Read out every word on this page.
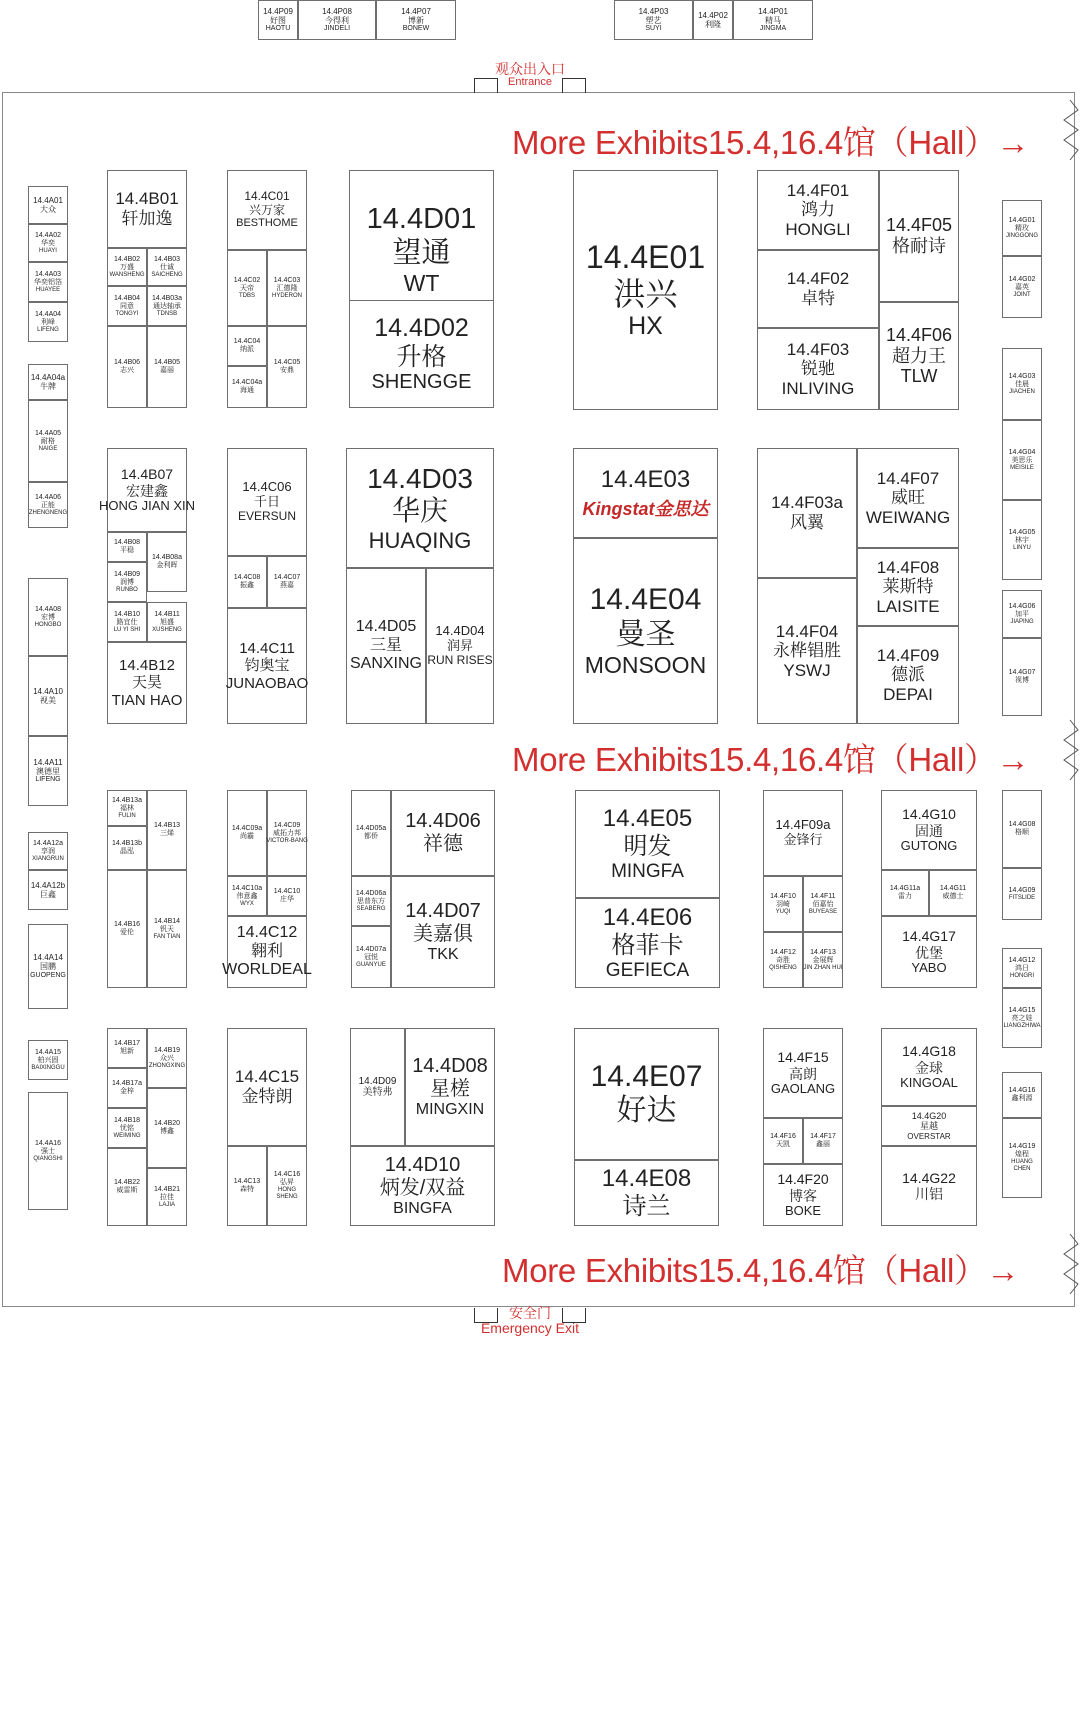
观众出入口
Entrance
安全门
Emergency Exit
More Exhibits15.4,16.4馆（Hall）→
More Exhibits15.4,16.4馆（Hall）→
More Exhibits15.4,16.4馆（Hall）→
14.4P09
好图
HAOTU
14.4P08
今得利
JINDELI
14.4P07
博新
BONEW
14.4P03
塑艺
SUYI
14.4P02
利隆
14.4P01
精马
JINGMA
14.4A01
大众
14.4A02
华奕
HUAYI
14.4A03
华奕铝箔
HUAYEE
14.4A04
利峰
LIFENG
14.4A04a
牛牌
14.4A05
耐格
NAIGE
14.4A06
正能
ZHENGNENG
14.4A08
宏博
HONGBO
14.4A10
视美
14.4A11
澳德里
LIFENG
14.4A12a
享润
XIANGRUN
14.4A12b
巨鑫
14.4A14
国鹏
GUOPENG
14.4A15
柏兴固
BAIXINGGU
14.4A16
强士
QIANGSHI
14.4B01
轩加逸
14.4B02
万盛
WANSHENG
14.4B03
仕诚
SAICHENG
14.4B04
同意
TONGYI
14.4B03a
通达轴承
TDNSB
14.4B06
志兴
14.4B05
嘉丽
14.4B07
宏建鑫
HONG JIAN XIN
14.4B08
平稳
14.4B08a
金利晖
14.4B09
润博
RUNBO
14.4B10
路宜仕
LU YI SHI
14.4B11
旭盛
XUSHENG
14.4B12
天昊
TIAN HAO
14.4B13a
福林
FULIN
14.4B13
三烯
14.4B13b
晶泓
14.4B16
爱伦
14.4B14
钒天
FAN TIAN
14.4B17
旭新	14.4B19
众兴
ZHONGXING
14.4B17a
金梓
14.4B18
忧铭
WEIMING
14.4B20
博鑫
14.4B22
威雷斯 14.4B21
拉佳
LAJIA
14.4C01
兴万家
BESTHOME
14.4C02
天帝
TDBS
14.4C03
汇德隆
HYDERON
14.4C04
纳派
14.4C04a
海通
14.4C05
安鼎
14.4C06
千日
EVERSUN
14.4C08
振鑫
14.4C07
燕嘉
14.4C11
钧奥宝
JUNAOBAO
14.4C09a
尚霸
14.4C09
威拓力邦
VICTOR-BANG
14.4C10a
伟意鑫
WYX
14.4C10
庄华
14.4C12
翱利
WORLDEAL
14.4C15
金特朗
14.4C13
森特
14.4C16
弘昇
HONG
SHENG
14.4D01
望通
WT
14.4D02
升格
SHENGGE
14.4D03
华庆
HUAQING
14.4D05
三星
SANXING
14.4D04
润昇
RUN RISES
14.4D05a
都侨
14.4D06
祥德
14.4D06a
思普东方
SEABERG
14.4D07a
冠悦
GUANYUE
14.4D07
美嘉俱
TKK
14.4D09
美特弗
14.4D08
星槎
MINGXIN
14.4D10
炳发/双益
BINGFA
14.4E01
洪兴
HX
14.4E03
Kingstat金思达
14.4E04
曼圣
MONSOON
14.4E05
明发
MINGFA
14.4E06
格菲卡
GEFIECA
14.4E07
好达
14.4E08
诗兰
14.4F01
鸿力
HONGLI 14.4F05
格耐诗
14.4F02
卓特
14.4F06
超力王
TLW
14.4F03
锐驰
INLIVING
14.4F03a
风翼
14.4F07
威旺
WEIWANG
14.4F08
莱斯特
LAISITE
14.4F04
永桦锠胜
YSWJ
14.4F09
德派
DEPAI
14.4F09a
金锋行
14.4F10
羽崎
YUQI
14.4F11
佰嘉怡
BUYEASE
14.4F12
奇胜
QISHENG
14.4F13
金展辉
JIN ZHAN HUI
14.4F15
高朗
GAOLANG
14.4F16
天凯
14.4F17
鑫丽
14.4F20
博客
BOKE
14.4G01
精玫
JINGGONG
14.4G02
嘉英
JOINT
14.4G03
佳晨
JIACHEN
14.4G04
美思乐
MEISILE
14.4G05
林宇
LINYU
14.4G06
加平
JIAPING
14.4G07
视博
14.4G08
格顺
14.4G09
FITSLIDE
14.4G10
固通
GUTONG
14.4G11a
雷力
14.4G11
威德士
14.4G17
优堡
YABO	14.4G12
鸿日
HONGRI
14.4G15
亮之娃
LIANGZHIWA
14.4G18
金球
KINGOAL
14.4G20
星越
OVERSTAR
14.4G22
川铝
14.4G16
鑫利源
14.4G19
煌程
HUANG
CHEN
